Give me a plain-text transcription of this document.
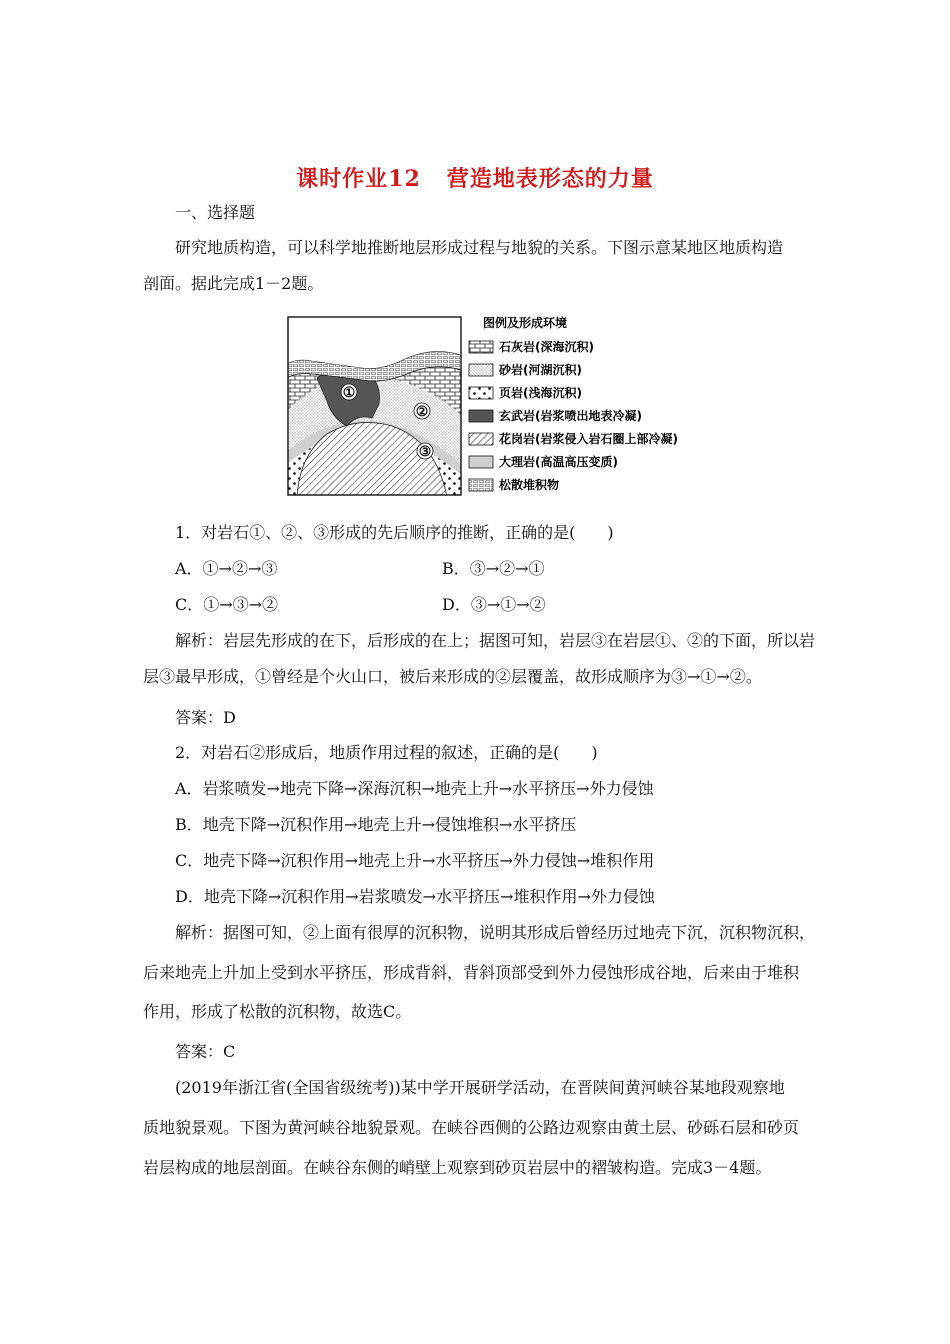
课时作业12 营造地表形态的力量
一、选择题
研究地质构造，可以科学地推断地层形成过程与地貌的关系。下图示意某地区地质构造
剖面。据此完成1－2题。
①
②
③
图例及形成环境
石灰岩(深海沉积)
砂岩(河湖沉积)
页岩(浅海沉积)
玄武岩(岩浆喷出地表冷凝)
花岗岩(岩浆侵入岩石圈上部冷凝)
大理岩(高温高压变质)
松散堆积物
1．对岩石①、②、③形成的先后顺序的推断，正确的是(　　)
A．①→②→③	B．③→②→①
C．①→③→②	D．③→①→②
解析：岩层先形成的在下，后形成的在上；据图可知，岩层③在岩层①、②的下面，所以岩
层③最早形成，①曾经是个火山口，被后来形成的②层覆盖，故形成顺序为③→①→②。
答案：D
2．对岩石②形成后，地质作用过程的叙述，正确的是(　　)
A．岩浆喷发→地壳下降→深海沉积→地壳上升→水平挤压→外力侵蚀
B．地壳下降→沉积作用→地壳上升→侵蚀堆积→水平挤压
C．地壳下降→沉积作用→地壳上升→水平挤压→外力侵蚀→堆积作用
D．地壳下降→沉积作用→岩浆喷发→水平挤压→堆积作用→外力侵蚀
解析：据图可知，②上面有很厚的沉积物，说明其形成后曾经历过地壳下沉，沉积物沉积，
后来地壳上升加上受到水平挤压，形成背斜，背斜顶部受到外力侵蚀形成谷地，后来由于堆积
作用，形成了松散的沉积物，故选C。
答案：C
(2019年浙江省(全国省级统考))某中学开展研学活动，在晋陕间黄河峡谷某地段观察地
质地貌景观。下图为黄河峡谷地貌景观。在峡谷西侧的公路边观察由黄土层、砂砾石层和砂页
岩层构成的地层剖面。在峡谷东侧的峭壁上观察到砂页岩层中的褶皱构造。完成3－4题。
